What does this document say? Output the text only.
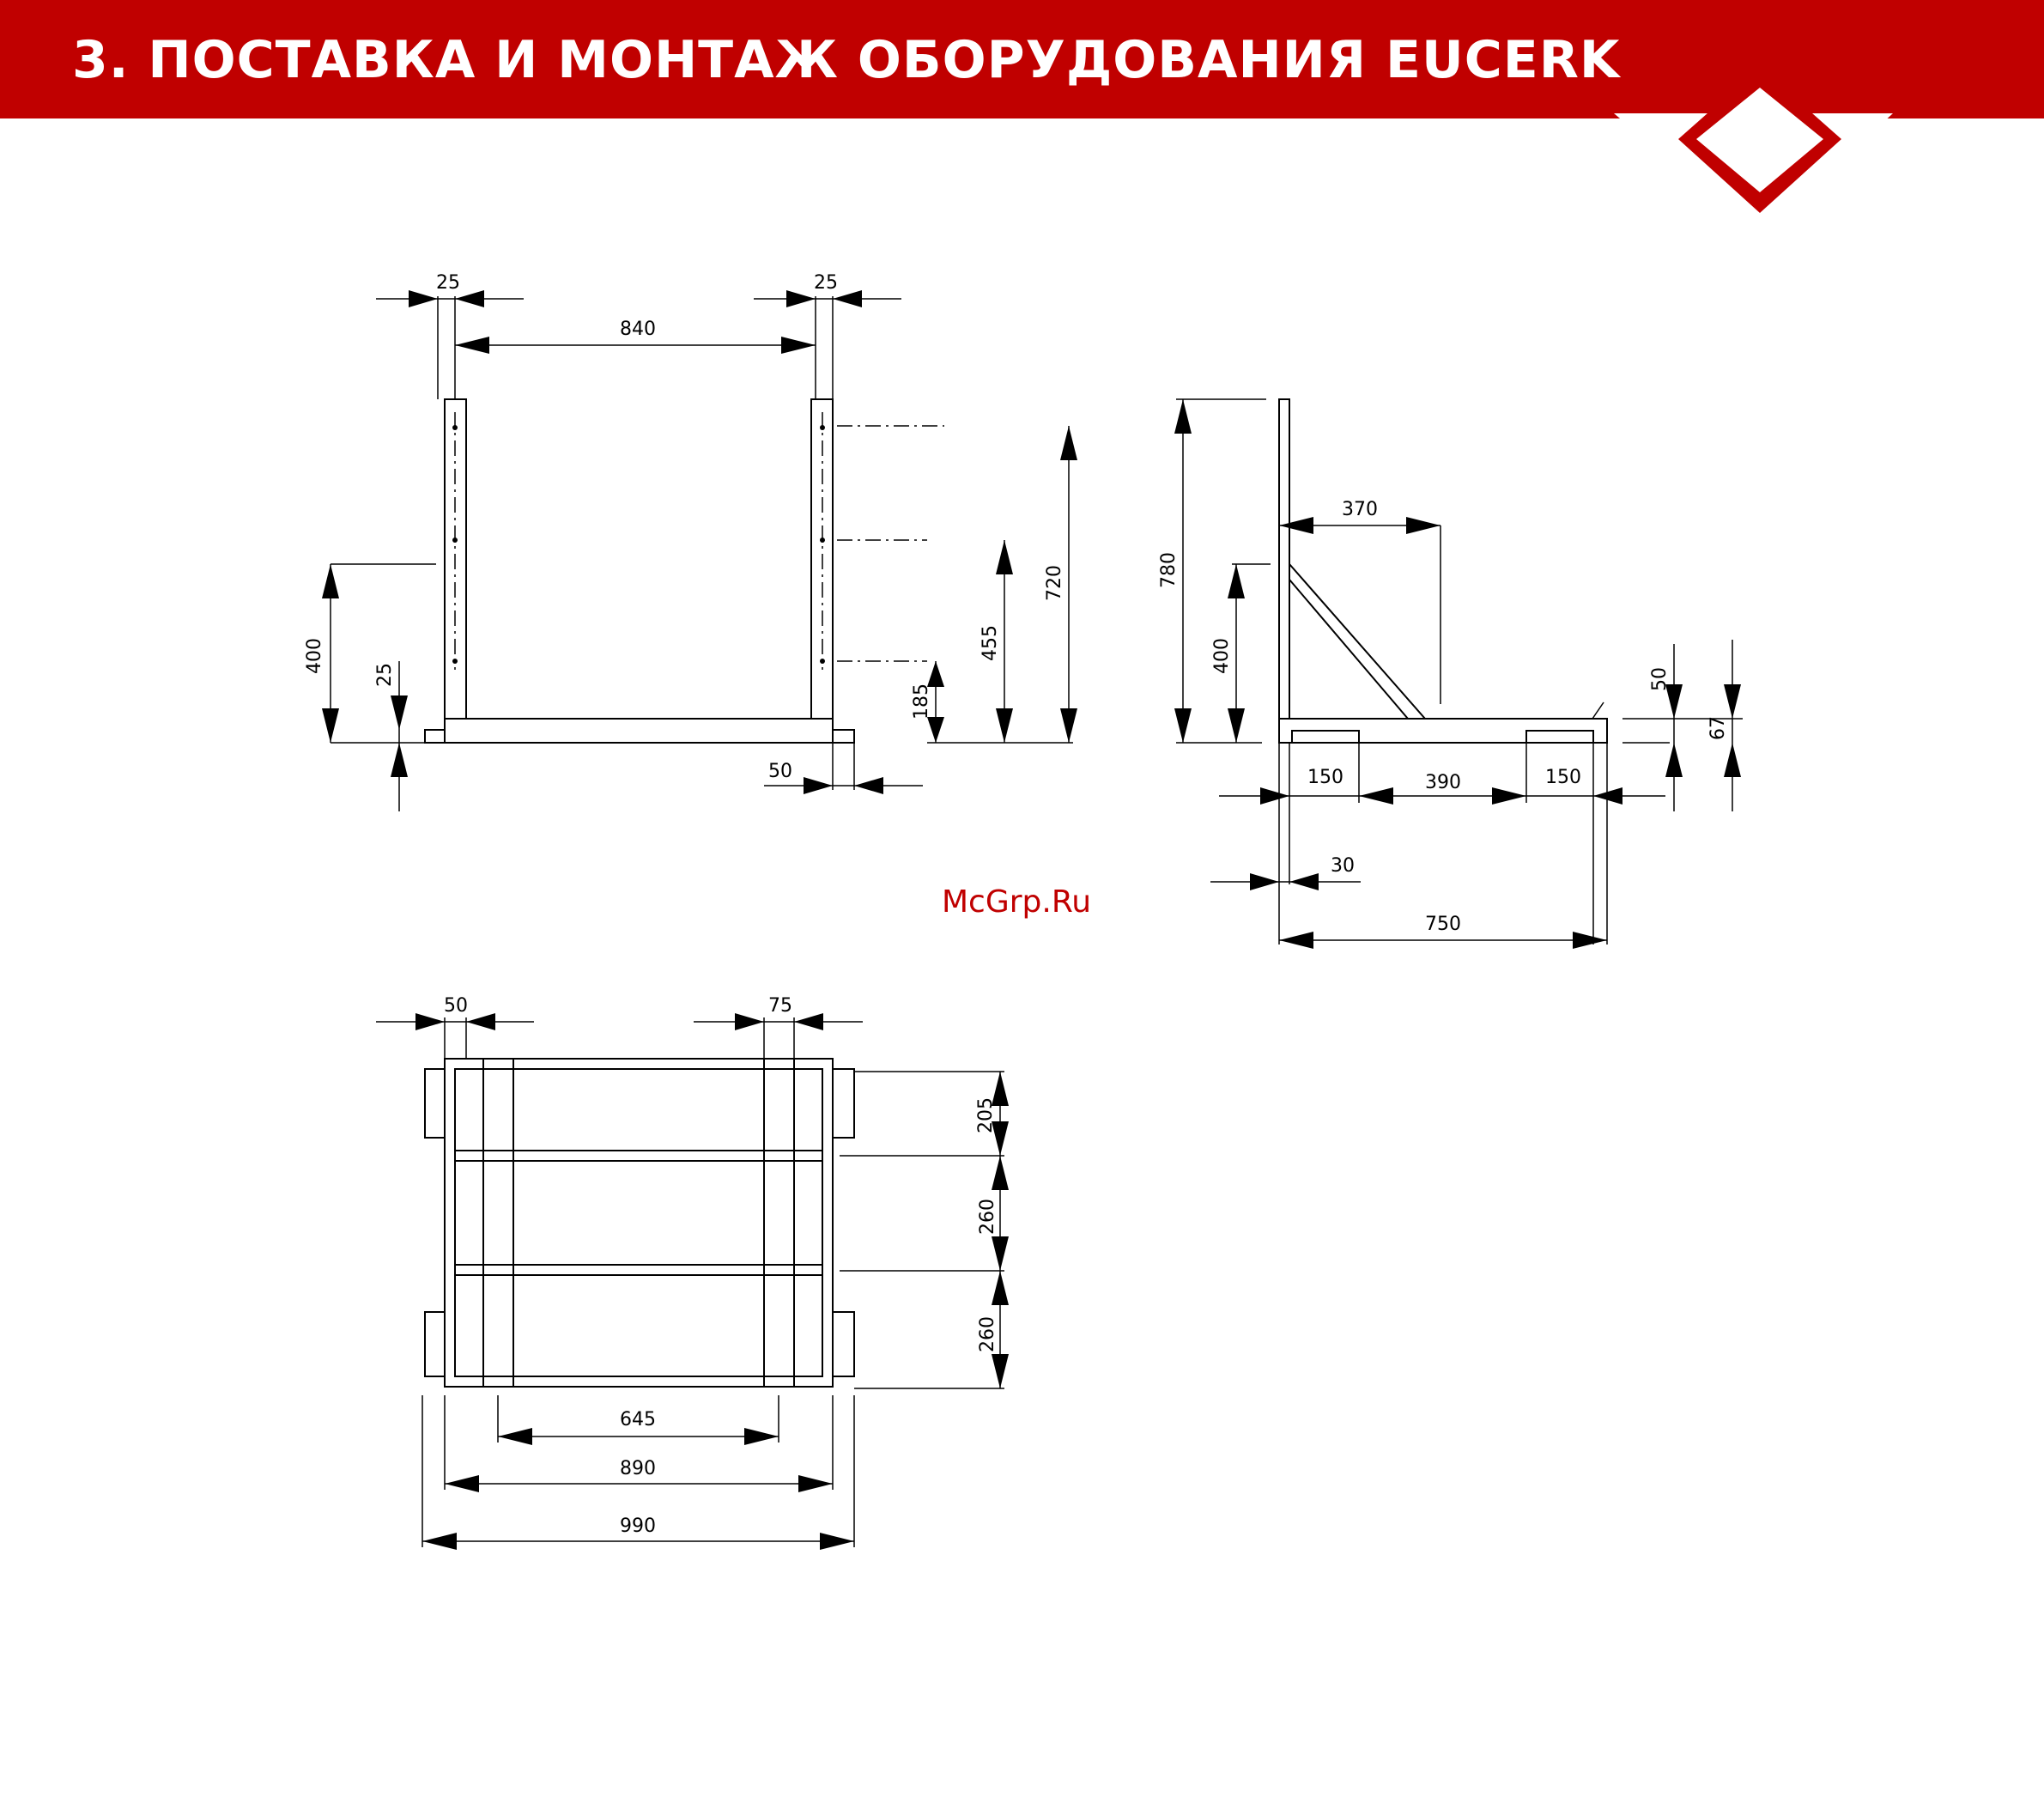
3. ПОСТАВКА И МОНТАЖ ОБОРУДОВАНИЯ EUCERK
McGrp.Ru
25	25
840
400
25
720
455
185
50
780
370
400
50
67
150	390	150
30
750
50	75
205
260
260
645
890
990
